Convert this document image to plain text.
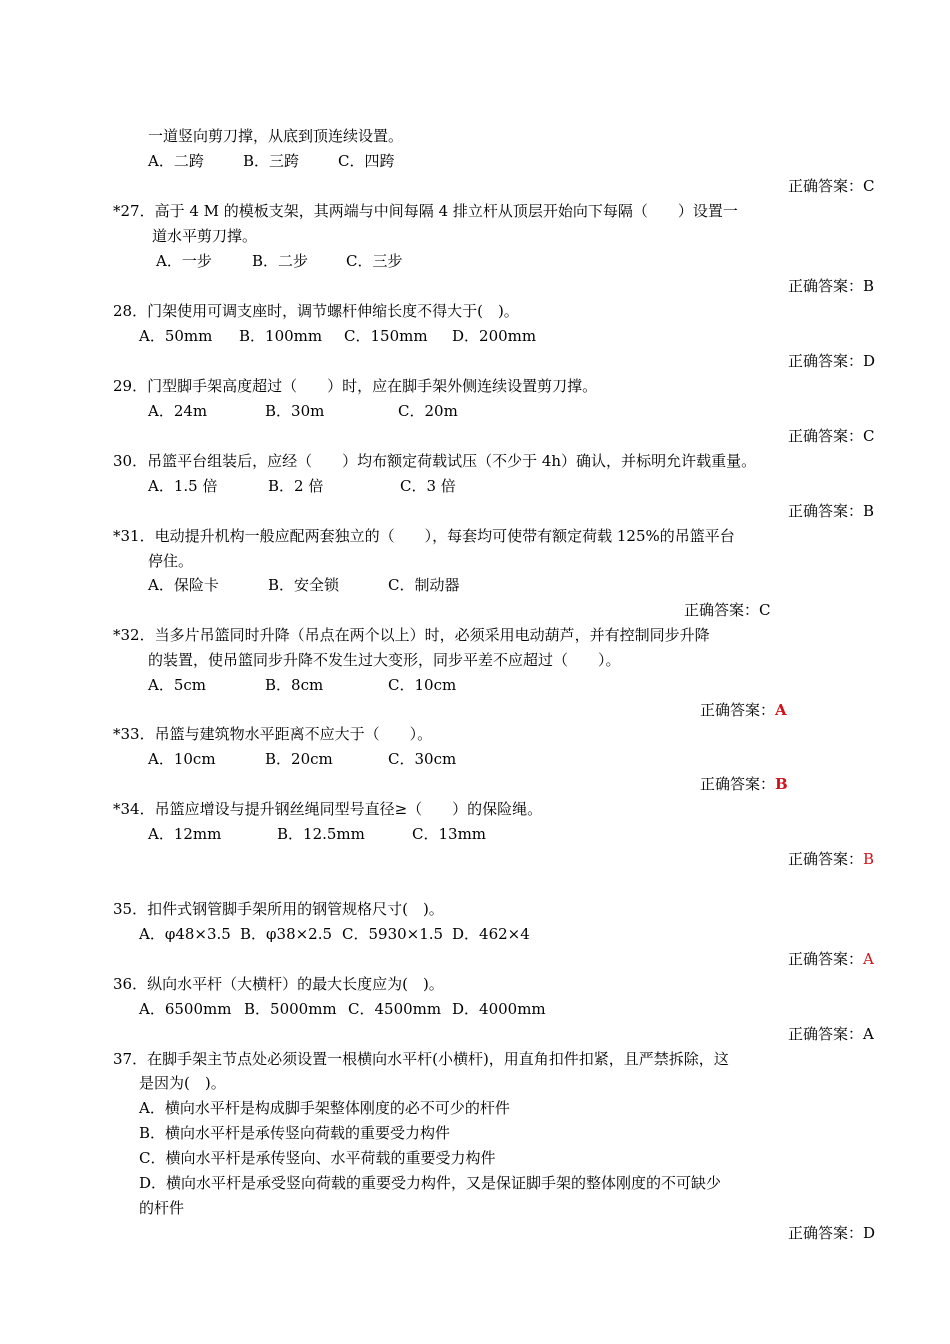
一道竖向剪刀撑，从底到顶连续设置。
A．二跨	B．三跨	C．四跨
正确答案：C
*27．高于 4 M 的模板支架，其两端与中间每隔 4 排立杆从顶层开始向下每隔（　　）设置一
道水平剪刀撑。
A．一步	B．二步	C．三步
正确答案：B
28．门架使用可调支座时，调节螺杆伸缩长度不得大于(　)。
A．50mm B．100mm C．150mm D．200mm
正确答案：D
29．门型脚手架高度超过（　　）时，应在脚手架外侧连续设置剪刀撑。
A．24m	B．30m	C．20m
正确答案：C
30．吊篮平台组装后，应经（　　）均布额定荷载试压（不少于 4h）确认，并标明允许载重量。
A．1.5 倍	B．2 倍	C．3 倍
正确答案：B
*31．电动提升机构一般应配两套独立的（　　），每套均可使带有额定荷载 125%的吊篮平台
停住。
A．保险卡	B．安全锁	C．制动器
正确答案：C
*32．当多片吊篮同时升降（吊点在两个以上）时，必须采用电动葫芦，并有控制同步升降
的装置，使吊篮同步升降不发生过大变形，同步平差不应超过（　　）。
A．5cm	B．8cm	C．10cm
正确答案：A
*33．吊篮与建筑物水平距离不应大于（　　）。
A．10cm	B．20cm	C．30cm
正确答案：B
*34．吊篮应增设与提升钢丝绳同型号直径≥（　　）的保险绳。
A．12mm	B．12.5mm	C．13mm
正确答案：B
35．扣件式钢管脚手架所用的钢管规格尺寸(　)。
A．φ48×3.5 B．φ38×2.5 C．5930×1.5 D．462×4
正确答案：A
36．纵向水平杆（大横杆）的最大长度应为(　)。
A．6500mm B．5000mm C．4500mm D．4000mm
正确答案：A
37．在脚手架主节点处必须设置一根横向水平杆(小横杆)，用直角扣件扣紧，且严禁拆除，这
是因为(　)。
A．横向水平杆是构成脚手架整体刚度的必不可少的杆件
B．横向水平杆是承传竖向荷载的重要受力构件
C．横向水平杆是承传竖向、水平荷载的重要受力构件
D．横向水平杆是承受竖向荷载的重要受力构件，又是保证脚手架的整体刚度的不可缺少
的杆件
正确答案：D
